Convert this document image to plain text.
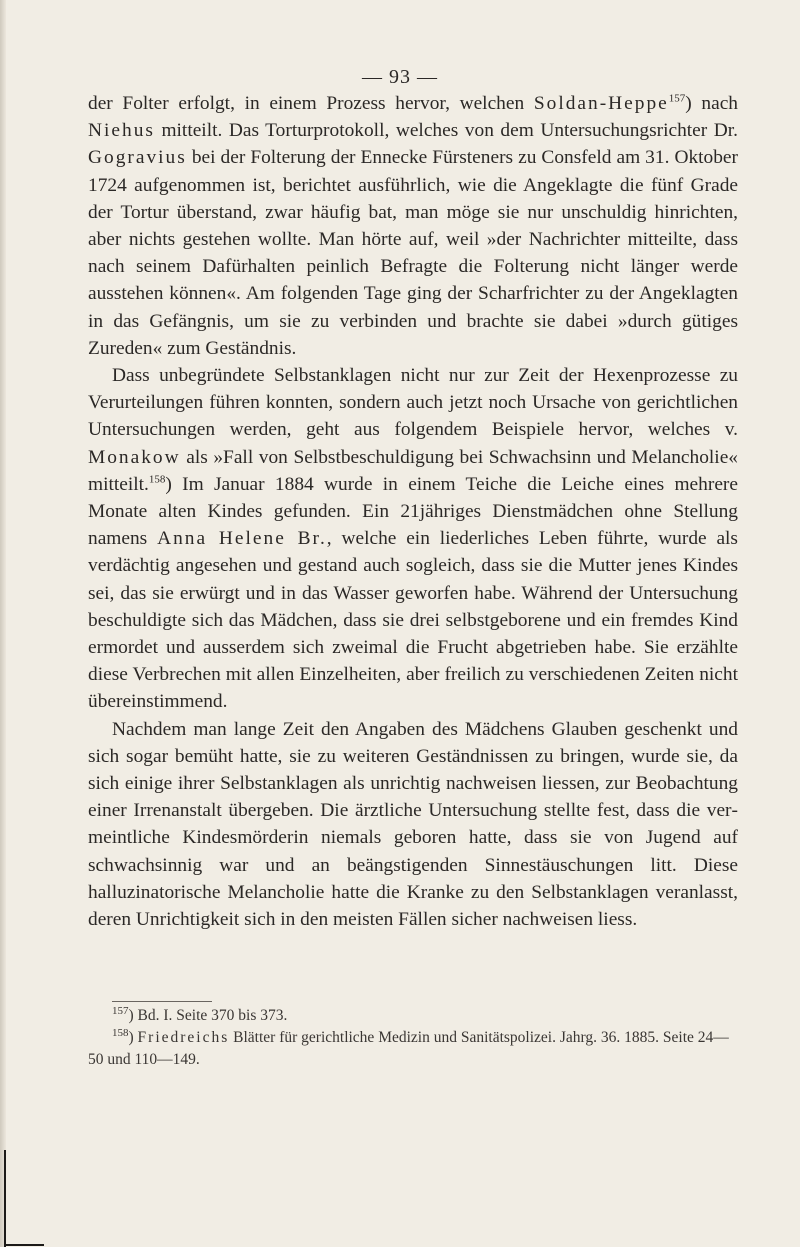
— 93 —

der Folter erfolgt, in einem Prozess hervor, welchen Soldan-Heppe$^{157}$) nach Niehus mitteilt. Das Torturprotokoll, welches von dem Untersuchungsrichter Dr. Gogravius bei der Folterung der Ennecke Fürsteners zu Consfeld am 31. Oktober 1724 aufgenommen ist, berichtet ausführlich, wie die Angeklagte die fünf Grade der Tortur überstand, zwar häufig bat, man möge sie nur unschuldig hinrichten, aber nichts gestehen wollte. Man hörte auf, weil »der Nachrichter mitteilte, dass nach seinem Dafürhalten peinlich Befragte die Folterung nicht länger werde ausstehen können«. Am folgenden Tage ging der Scharfrichter zu der Angeklagten in das Gefängnis, um sie zu verbinden und brachte sie dabei »durch gütiges Zureden« zum Geständnis.

Dass unbegründete Selbstanklagen nicht nur zur Zeit der Hexenprozesse zu Verurteilungen führen konnten, sondern auch jetzt noch Ursache von gerichtlichen Untersuchungen werden, geht aus folgendem Beispiele hervor, welches v. Monakow als »Fall von Selbstbeschuldigung bei Schwachsinn und Melancholie« mitteilt.$^{158}$) Im Januar 1884 wurde in einem Teiche die Leiche eines mehrere Monate alten Kindes gefunden. Ein 21jähriges Dienstmädchen ohne Stellung namens Anna Helene Br., welche ein liederliches Leben führte, wurde als verdächtig angesehen und gestand auch sogleich, dass sie die Mutter jenes Kindes sei, das sie erwürgt und in das Wasser geworfen habe. Während der Untersuchung beschuldigte sich das Mädchen, dass sie drei selbstgeborene und ein fremdes Kind ermordet und ausserdem sich zweimal die Frucht abgetrieben habe. Sie erzählte diese Verbrechen mit allen Einzelheiten, aber freilich zu verschiedenen Zeiten nicht übereinstimmend.

Nachdem man lange Zeit den Angaben des Mädchens Glauben geschenkt und sich sogar bemüht hatte, sie zu weiteren Geständnissen zu bringen, wurde sie, da sich einige ihrer Selbstanklagen als unrichtig nachweisen liessen, zur Beobachtung einer Irrenanstalt übergeben. Die ärztliche Untersuchung stellte fest, dass die vermeintliche Kindesmörderin niemals geboren hatte, dass sie von Jugend auf schwachsinnig war und an beängstigenden Sinnestäuschungen litt. Diese halluzinatorische Melancholie hatte die Kranke zu den Selbstanklagen veranlasst, deren Unrichtigkeit sich in den meisten Fällen sicher nachweisen liess.

$^{157}$) Bd. I. Seite 370 bis 373.

$^{158}$) Friedreichs Blätter für gerichtliche Medizin und Sanitätspolizei. Jahrg. 36. 1885. Seite 24—50 und 110—149.
